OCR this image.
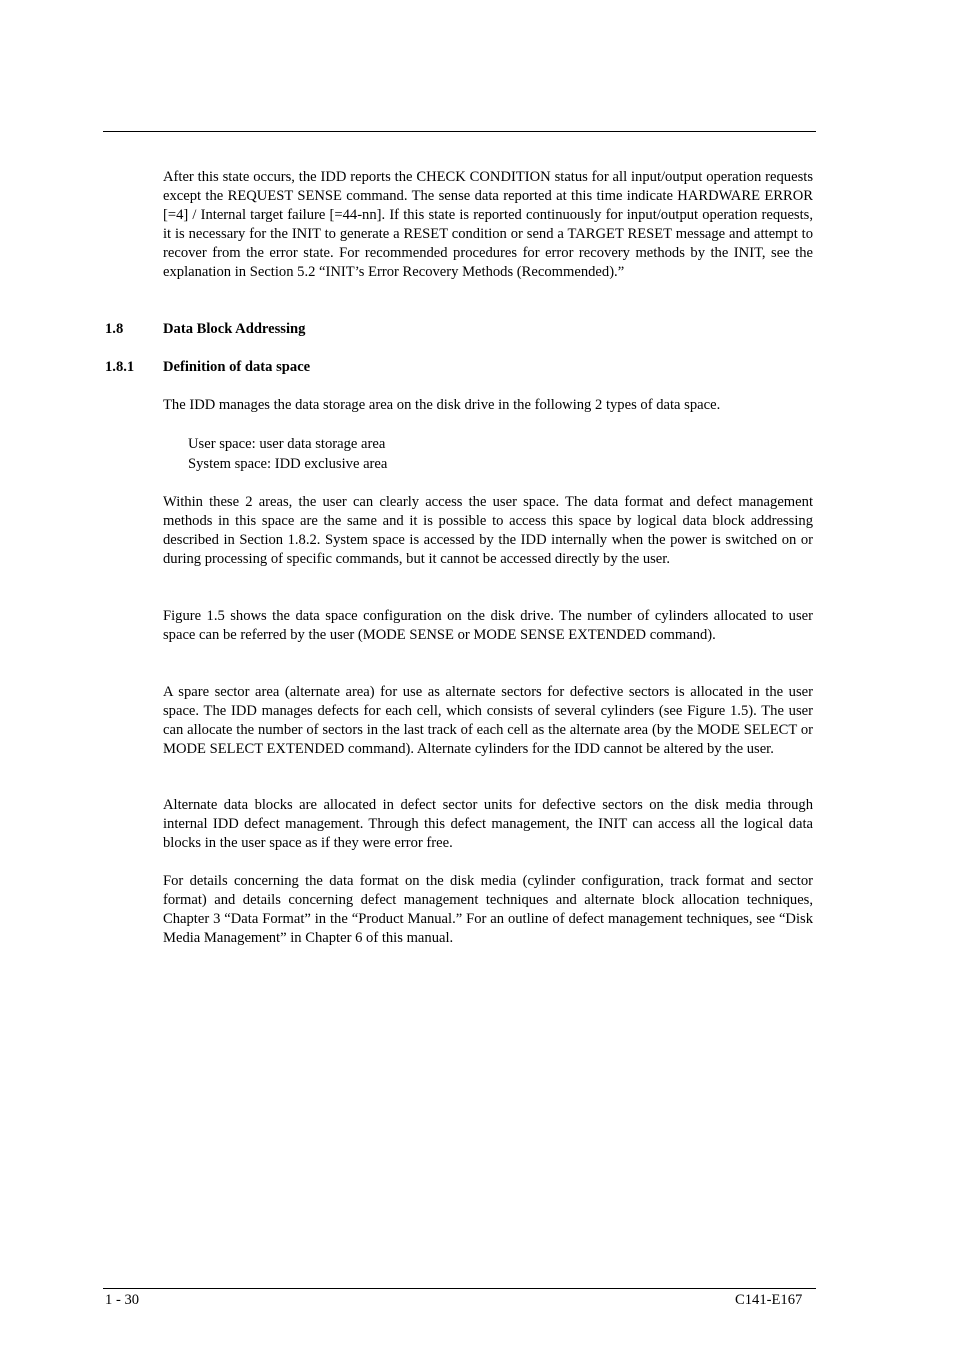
After this state occurs, the IDD reports the CHECK CONDITION status for all input/output operation requests except the REQUEST SENSE command. The sense data reported at this time indicate HARDWARE ERROR [=4] / Internal target failure [=44-nn]. If this state is reported continuously for input/output operation requests, it is necessary for the INIT to generate a RESET condition or send a TARGET RESET message and attempt to recover from the error state. For recommended procedures for error recovery methods by the INIT, see the explanation in Section 5.2 “INIT’s Error Recovery Methods (Recommended).”

1.8	Data Block Addressing
1.8.1 Definition of data space

The IDD manages the data storage area on the disk drive in the following 2 types of data space.

User space: user data storage area
System space: IDD exclusive area

Within these 2 areas, the user can clearly access the user space. The data format and defect management methods in this space are the same and it is possible to access this space by logical data block addressing described in Section 1.8.2. System space is accessed by the IDD internally when the power is switched on or during processing of specific commands, but it cannot be accessed directly by the user.

Figure 1.5 shows the data space configuration on the disk drive. The number of cylinders allocated to user space can be referred by the user (MODE SENSE or MODE SENSE EXTENDED command).

A spare sector area (alternate area) for use as alternate sectors for defective sectors is allocated in the user space. The IDD manages defects for each cell, which consists of several cylinders (see Figure 1.5). The user can allocate the number of sectors in the last track of each cell as the alternate area (by the MODE SELECT or MODE SELECT EXTENDED command). Alternate cylinders for the IDD cannot be altered by the user.

Alternate data blocks are allocated in defect sector units for defective sectors on the disk media through internal IDD defect management. Through this defect management, the INIT can access all the logical data blocks in the user space as if they were error free.

For details concerning the data format on the disk media (cylinder configuration, track format and sector format) and details concerning defect management techniques and alternate block allocation techniques, Chapter 3 “Data Format” in the “Product Manual.” For an outline of defect management techniques, see “Disk Media Management” in Chapter 6 of this manual.

1 - 30	C141-E167
